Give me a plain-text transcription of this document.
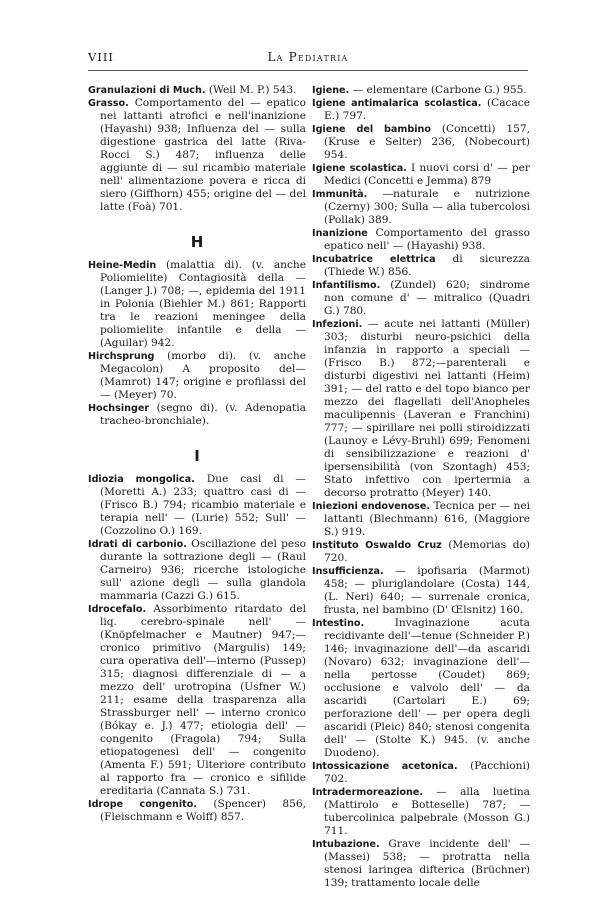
VIII	La Pediatria
Granulazioni di Much. (Weil M. P.) 543.
Grasso. Comportamento del — epatico nei lattanti atrofici e nell'inanizione (Hayashi) 938; Influenza del — sulla digestione gastrica del latte (Riva-Rocci S.) 487; influenza delle aggiunte di — sul ricambio materiale nell' alimentazione povera e ricca di siero (Giffhorn) 455; origine del — del latte (Foà) 701.
H
Heine-Medin (malattia di). (v. anche Poliomielite) Contagiosità della — (Langer J.) 708; —, epidemia del 1911 in Polonia (Biehler M.) 861; Rapporti tra le reazioni meningee della poliomielite infantile e della — (Aguilar) 942.
Hirchsprung (morbo di). (v. anche Megacolon) A proposito del—(Mamrot) 147; origine e profilassi del — (Meyer) 70.
Hochsinger (segno di). (v. Adenopatia tracheo-bronchiale).
I
Idiozia mongolica. Due casi di — (Moretti A.) 233; quattro casi di — (Frisco B.) 794; ricambio materiale e terapia nell' — (Lurie) 552; Sull' — (Cozzolino O.) 169.
Idrati di carbonio. Oscillazione del peso durante la sottrazione degli — (Raul Carneiro) 936; ricerche istologiche sull' azione degli — sulla glandola mammaria (Cazzi G.) 615.
Idrocefalo. Assorbimento ritardato del liq. cerebro-spinale nell' — (Knöpfelmacher e Mautner) 947;—cronico primitivo (Margulis) 149; cura operativa dell'—interno (Pussep) 315; diagnosi differenziale di — a mezzo dell' urotropina (Usfner W.) 211; esame della trasparenza alla Strassburger nell' — interno cronico (Bókay e. J.) 477; etiologia dell' — congenito (Fragola) 794; Sulla etiopatogenesi dell' — congenito (Amenta F.) 591; Ulteriore contributo al rapporto fra — cronico e sifilide ereditaria (Cannata S.) 731.
Idrope congenito. (Spencer) 856, (Fleischmann e Wolff) 857.
Igiene. — elementare (Carbone G.) 955.
Igiene antimalarica scolastica. (Cacace E.) 797.
Igiene del bambino (Concetti) 157, (Kruse e Selter) 236, (Nobecourt) 954.
Igiene scolastica. I nuovi corsi d' — per Medici (Concetti e Jemma) 879
Immunità. —naturale e nutrizione (Czerny) 300; Sulla — alla tubercolosi (Pollak) 389.
Inanizione Comportamento del grasso epatico nell' — (Hayashi) 938.
Incubatrice elettrica di sicurezza (Thiede W.) 856.
Infantilismo. (Zundel) 620; sindrome non comune d' — mitralico (Quadri G.) 780.
Infezioni. — acute nei lattanti (Müller) 303; disturbi neuro-psichici della infanzia in rapporto a speciali — (Frisco B.) 872;—parenterali e disturbi digestivi nei lattanti (Heim) 391; — del ratto e del topo bianco per mezzo dei flagellati dell'Anopheles maculipennis (Laveran e Franchini) 777; — spirillare nei polli stiroidizzati (Launoy e Lévy-Bruhl) 699; Fenomeni di sensibilizzazione e reazioni d' ipersensibilità (von Szontagh) 453; Stato infettivo con ipertermia a decorso protratto (Meyer) 140.
Iniezioni endovenose. Tecnica per — nei lattanti (Blechmann) 616, (Maggiore S.) 919.
Instituto Oswaldo Cruz (Memorias do) 720.
Insufficienza. — ipofisaria (Marmot) 458; — pluriglandolare (Costa) 144, (L. Neri) 640; — surrenale cronica, frusta, nel bambino (D' Œlsnitz) 160.
Intestino.	Invaginazione acuta recidivante dell'—tenue (Schneider P.) 146; invaginazione dell'—da ascaridi (Novaro) 632; invaginazione dell'—nella pertosse (Coudet) 869; occlusione e valvolo dell' — da ascaridi (Cartolari E.) 69; perforazione dell' — per opera degli ascaridi (Pleic) 840; stenosi congenita dell' — (Stolte K.) 945. (v. anche Duodeno).
Intossicazione acetonica. (Pacchioni) 702.
Intradermoreazione. — alla luetina (Mattirolo e Botteselle) 787; — tubercolinica palpebrale (Mosson G.) 711.
Intubazione. Grave incidente dell' — (Massei) 538; — protratta nella stenosi laringea difterica (Brüchner) 139; trattamento locale delle
